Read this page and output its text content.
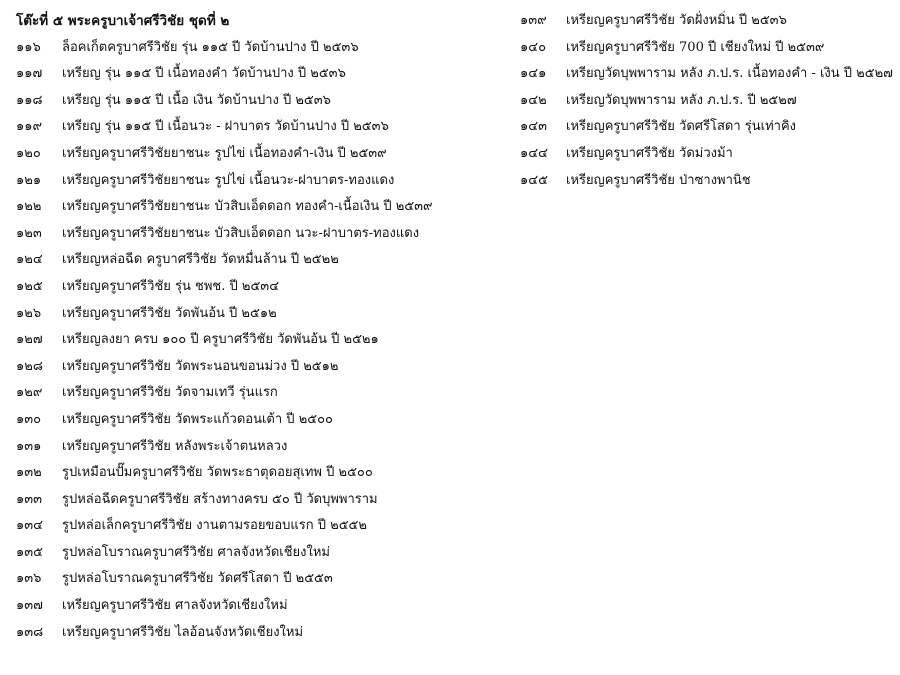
โต๊ะที่ ๕ พระครูบาเจ้าศรีวิชัย ชุดที่ ๒
๑๑๖	ล็อคเก็ตครูบาศรีวิชัย รุ่น ๑๑๕ ปี วัดบ้านปาง ปี ๒๕๓๖
๑๑๗	เหรียญ รุ่น ๑๑๕ ปี เนื้อทองคำ วัดบ้านปาง ปี ๒๕๓๖
๑๑๘	เหรียญ รุ่น ๑๑๕ ปี เนื้อ เงิน วัดบ้านปาง ปี ๒๕๓๖
๑๑๙	เหรียญ รุ่น ๑๑๕ ปี เนื้อนวะ - ฝาบาตร วัดบ้านปาง ปี ๒๕๓๖
๑๒๐	เหรียญครูบาศรีวิชัยยาชนะ รูปไข่ เนื้อทองคำ-เงิน ปี ๒๕๓๙
๑๒๑	เหรียญครูบาศรีวิชัยยาชนะ รูปไข่ เนื้อนวะ-ฝาบาตร-ทองแดง
๑๒๒	เหรียญครูบาศรีวิชัยยาชนะ บัวสิบเอ็ดดอก ทองคำ-เนื้อเงิน ปี ๒๕๓๙
๑๒๓	เหรียญครูบาศรีวิชัยยาชนะ บัวสิบเอ็ดดอก นวะ-ฝาบาตร-ทองแดง
๑๒๔	เหรียญหล่อฉีด ครูบาศรีวิชัย วัดหมื่นล้าน ปี ๒๕๒๒
๑๒๕	เหรียญครูบาศรีวิชัย รุ่น ชพช. ปี ๒๕๓๔
๑๒๖	เหรียญครูบาศรีวิชัย วัดพันอ้น ปี ๒๕๑๒
๑๒๗	เหรียญลงยา ครบ ๑๐๐ ปี ครูบาศรีวิชัย วัดพันอ้น ปี ๒๕๒๑
๑๒๘	เหรียญครูบาศรีวิชัย วัดพระนอนขอนม่วง ปี ๒๕๑๒
๑๒๙	เหรียญครูบาศรีวิชัย วัดจามเทวี รุ่นแรก
๑๓๐	เหรียญครูบาศรีวิชัย วัดพระแก้วดอนเต้า ปี ๒๕๐๐
๑๓๑	เหรียญครูบาศรีวิชัย หลังพระเจ้าตนหลวง
๑๓๒	รูปเหมือนปั๊มครูบาศรีวิชัย วัดพระธาตุดอยสุเทพ ปี ๒๕๐๐
๑๓๓	รูปหล่อฉีดครูบาศรีวิชัย สร้างทางครบ ๕๐ ปี วัดบุพพาราม
๑๓๔	รูปหล่อเล็กครูบาศรีวิชัย งานตามรอยขอบแรก ปี ๒๕๕๒
๑๓๕	รูปหล่อโบราณครูบาศรีวิชัย ศาลจังหวัดเชียงใหม่
๑๓๖	รูปหล่อโบราณครูบาศรีวิชัย วัดศรีโสดา ปี ๒๕๕๓
๑๓๗	เหรียญครูบาศรีวิชัย ศาลจังหวัดเชียงใหม่
๑๓๘	เหรียญครูบาศรีวิชัย ไลอ้อนจังหวัดเชียงใหม่
๑๓๙	เหรียญครูบาศรีวิชัย วัดฝั่งหมิ่น ปี ๒๕๓๖
๑๔๐	เหรียญครูบาศรีวิชัย 700 ปี เชียงใหม่ ปี ๒๕๓๙
๑๔๑	เหรียญวัดบุพพาราม หลัง ภ.ป.ร. เนื้อทองคำ - เงิน ปี ๒๕๒๗
๑๔๒	เหรียญวัดบุพพาราม หลัง ภ.ป.ร. ปี ๒๕๒๗
๑๔๓	เหรียญครูบาศรีวิชัย วัดศรีโสดา รุ่นเท่าคิง
๑๔๔	เหรียญครูบาศรีวิชัย วัดม่วงม้า
๑๔๕	เหรียญครูบาศรีวิชัย ป่าซางพานิช
